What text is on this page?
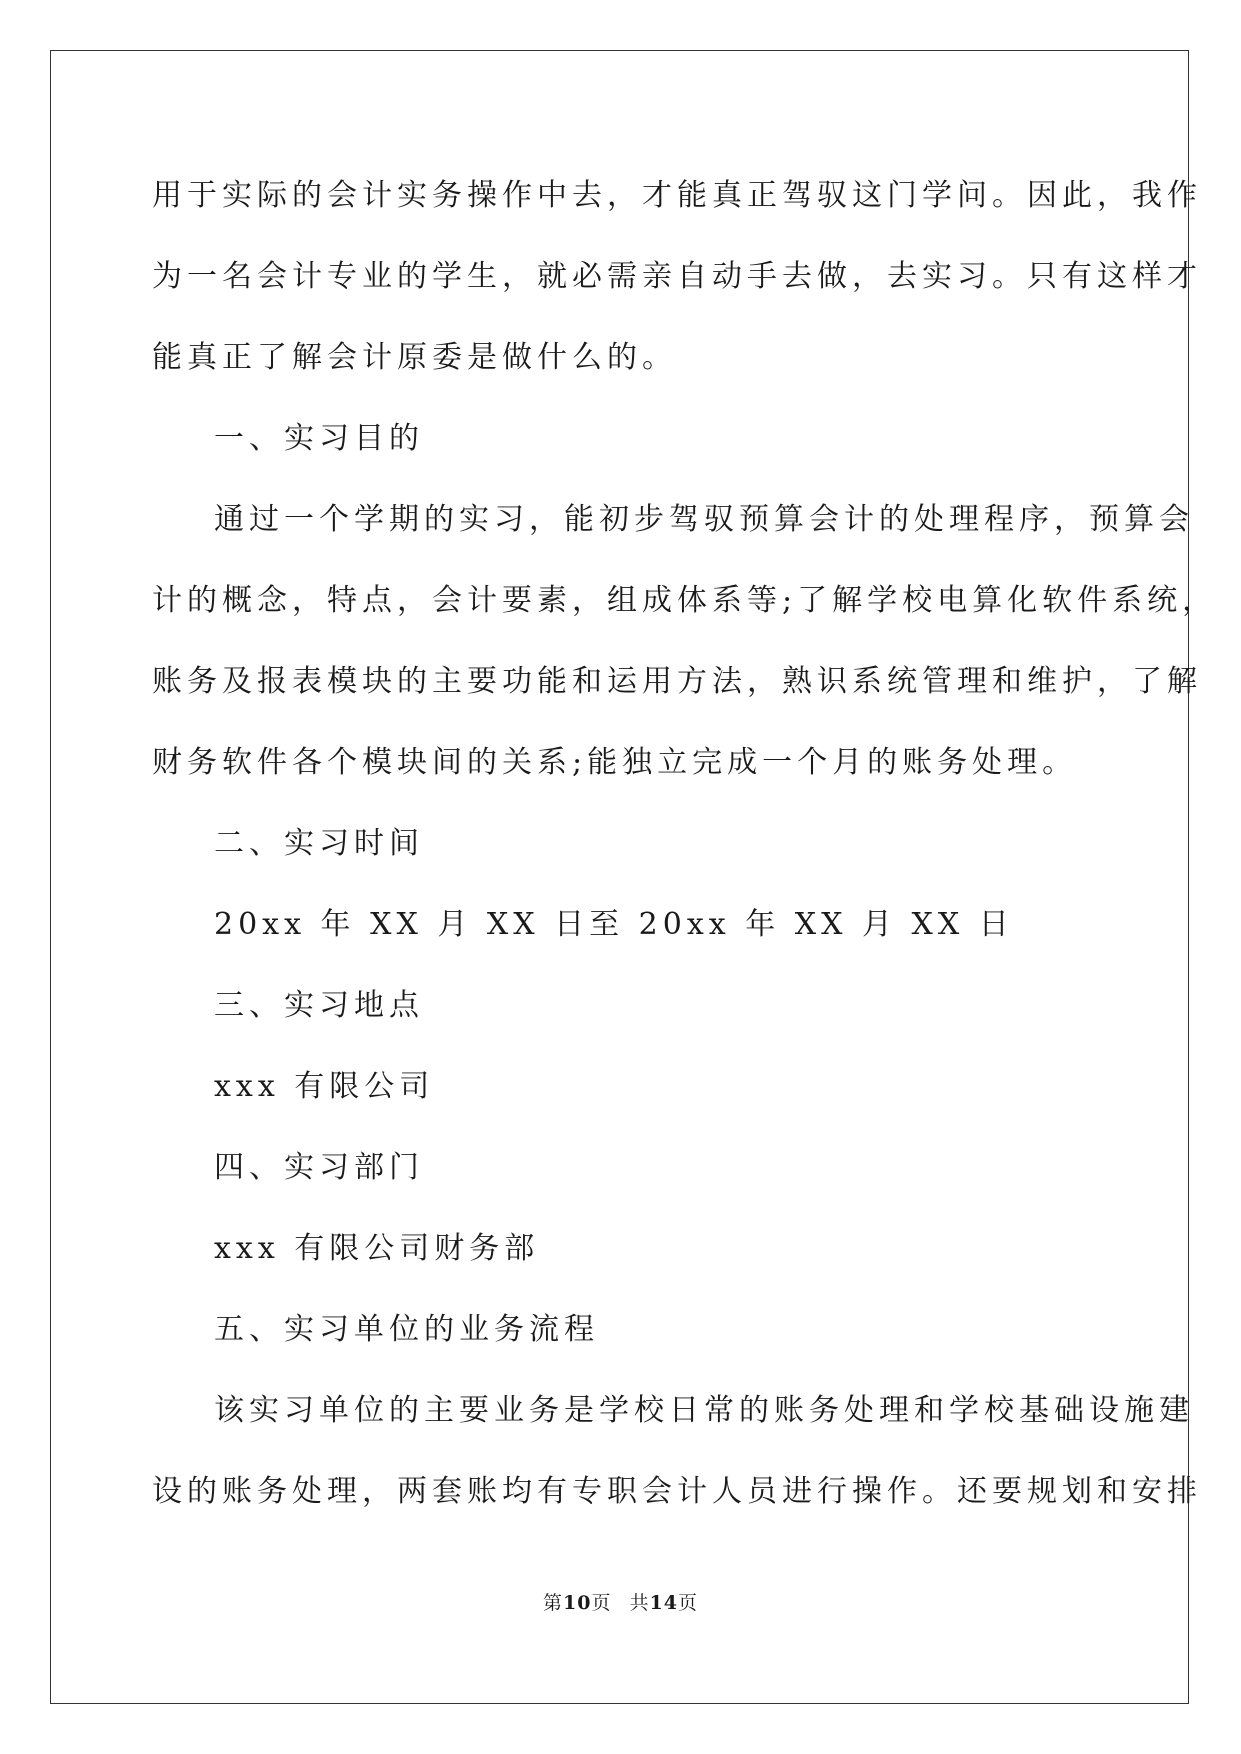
用于实际的会计实务操作中去，才能真正驾驭这门学问。因此，我作
为一名会计专业的学生，就必需亲自动手去做，去实习。只有这样才
能真正了解会计原委是做什么的。
一、实习目的
通过一个学期的实习，能初步驾驭预算会计的处理程序，预算会
计的概念，特点，会计要素，组成体系等;了解学校电算化软件系统，
账务及报表模块的主要功能和运用方法，熟识系统管理和维护，了解
财务软件各个模块间的关系;能独立完成一个月的账务处理。
二、实习时间
20xx 年 XX 月 XX 日至 20xx 年 XX 月 XX 日
三、实习地点
xxx 有限公司
四、实习部门
xxx 有限公司财务部
五、实习单位的业务流程
该实习单位的主要业务是学校日常的账务处理和学校基础设施建
设的账务处理，两套账均有专职会计人员进行操作。还要规划和安排
第10页 共14页
